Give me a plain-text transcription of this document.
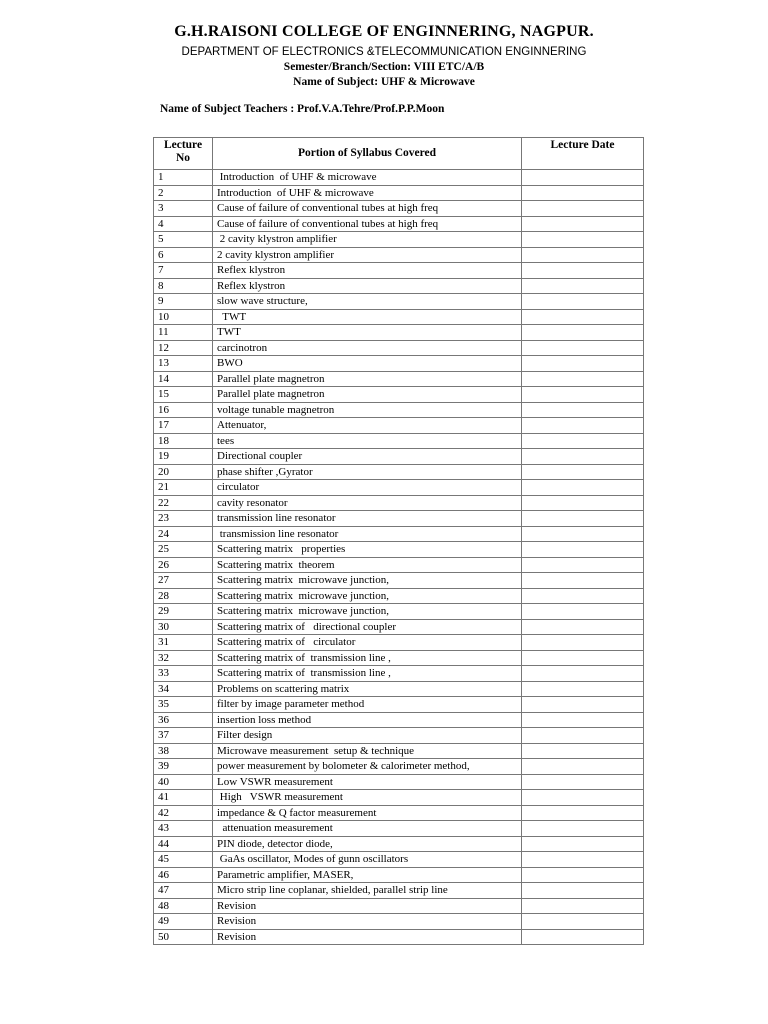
G.H.RAISONI COLLEGE OF ENGINNERING, NAGPUR.
DEPARTMENT OF ELECTRONICS &TELECOMMUNICATION ENGINNERING
Semester/Branch/Section: VIII ETC/A/B
Name of Subject: UHF & Microwave
Name of Subject Teachers : Prof.V.A.Tehre/Prof.P.P.Moon
Lecture
No	Portion of Syllabus Covered	Lecture Date
1	Introduction  of UHF & microwave	
2	Introduction  of UHF & microwave	
3	Cause of failure of conventional tubes at high freq	
4	Cause of failure of conventional tubes at high freq	
5	2 cavity klystron amplifier	
6	2 cavity klystron amplifier	
7	Reflex klystron	
8	Reflex klystron	
9	slow wave structure,	
10	TWT	
11	TWT	
12	carcinotron	
13	BWO	
14	Parallel plate magnetron	
15	Parallel plate magnetron	
16	voltage tunable magnetron	
17	Attenuator,	
18	tees	
19	Directional coupler	
20	phase shifter ,Gyrator	
21	circulator	
22	cavity resonator	
23	transmission line resonator	
24	transmission line resonator	
25	Scattering matrix   properties	
26	Scattering matrix  theorem	
27	Scattering matrix  microwave junction,	
28	Scattering matrix  microwave junction,	
29	Scattering matrix  microwave junction,	
30	Scattering matrix of   directional coupler	
31	Scattering matrix of   circulator	
32	Scattering matrix of  transmission line ,	
33	Scattering matrix of  transmission line ,	
34	Problems on scattering matrix	
35	filter by image parameter method	
36	insertion loss method	
37	Filter design	
38	Microwave measurement  setup & technique	
39	power measurement by bolometer & calorimeter method,	
40	Low VSWR measurement	
41	High   VSWR measurement	
42	impedance & Q factor measurement	
43	attenuation measurement	
44	PIN diode, detector diode,	
45	GaAs oscillator, Modes of gunn oscillators	
46	Parametric amplifier, MASER,	
47	Micro strip line coplanar, shielded, parallel strip line	
48	Revision	
49	Revision	
50	Revision	
